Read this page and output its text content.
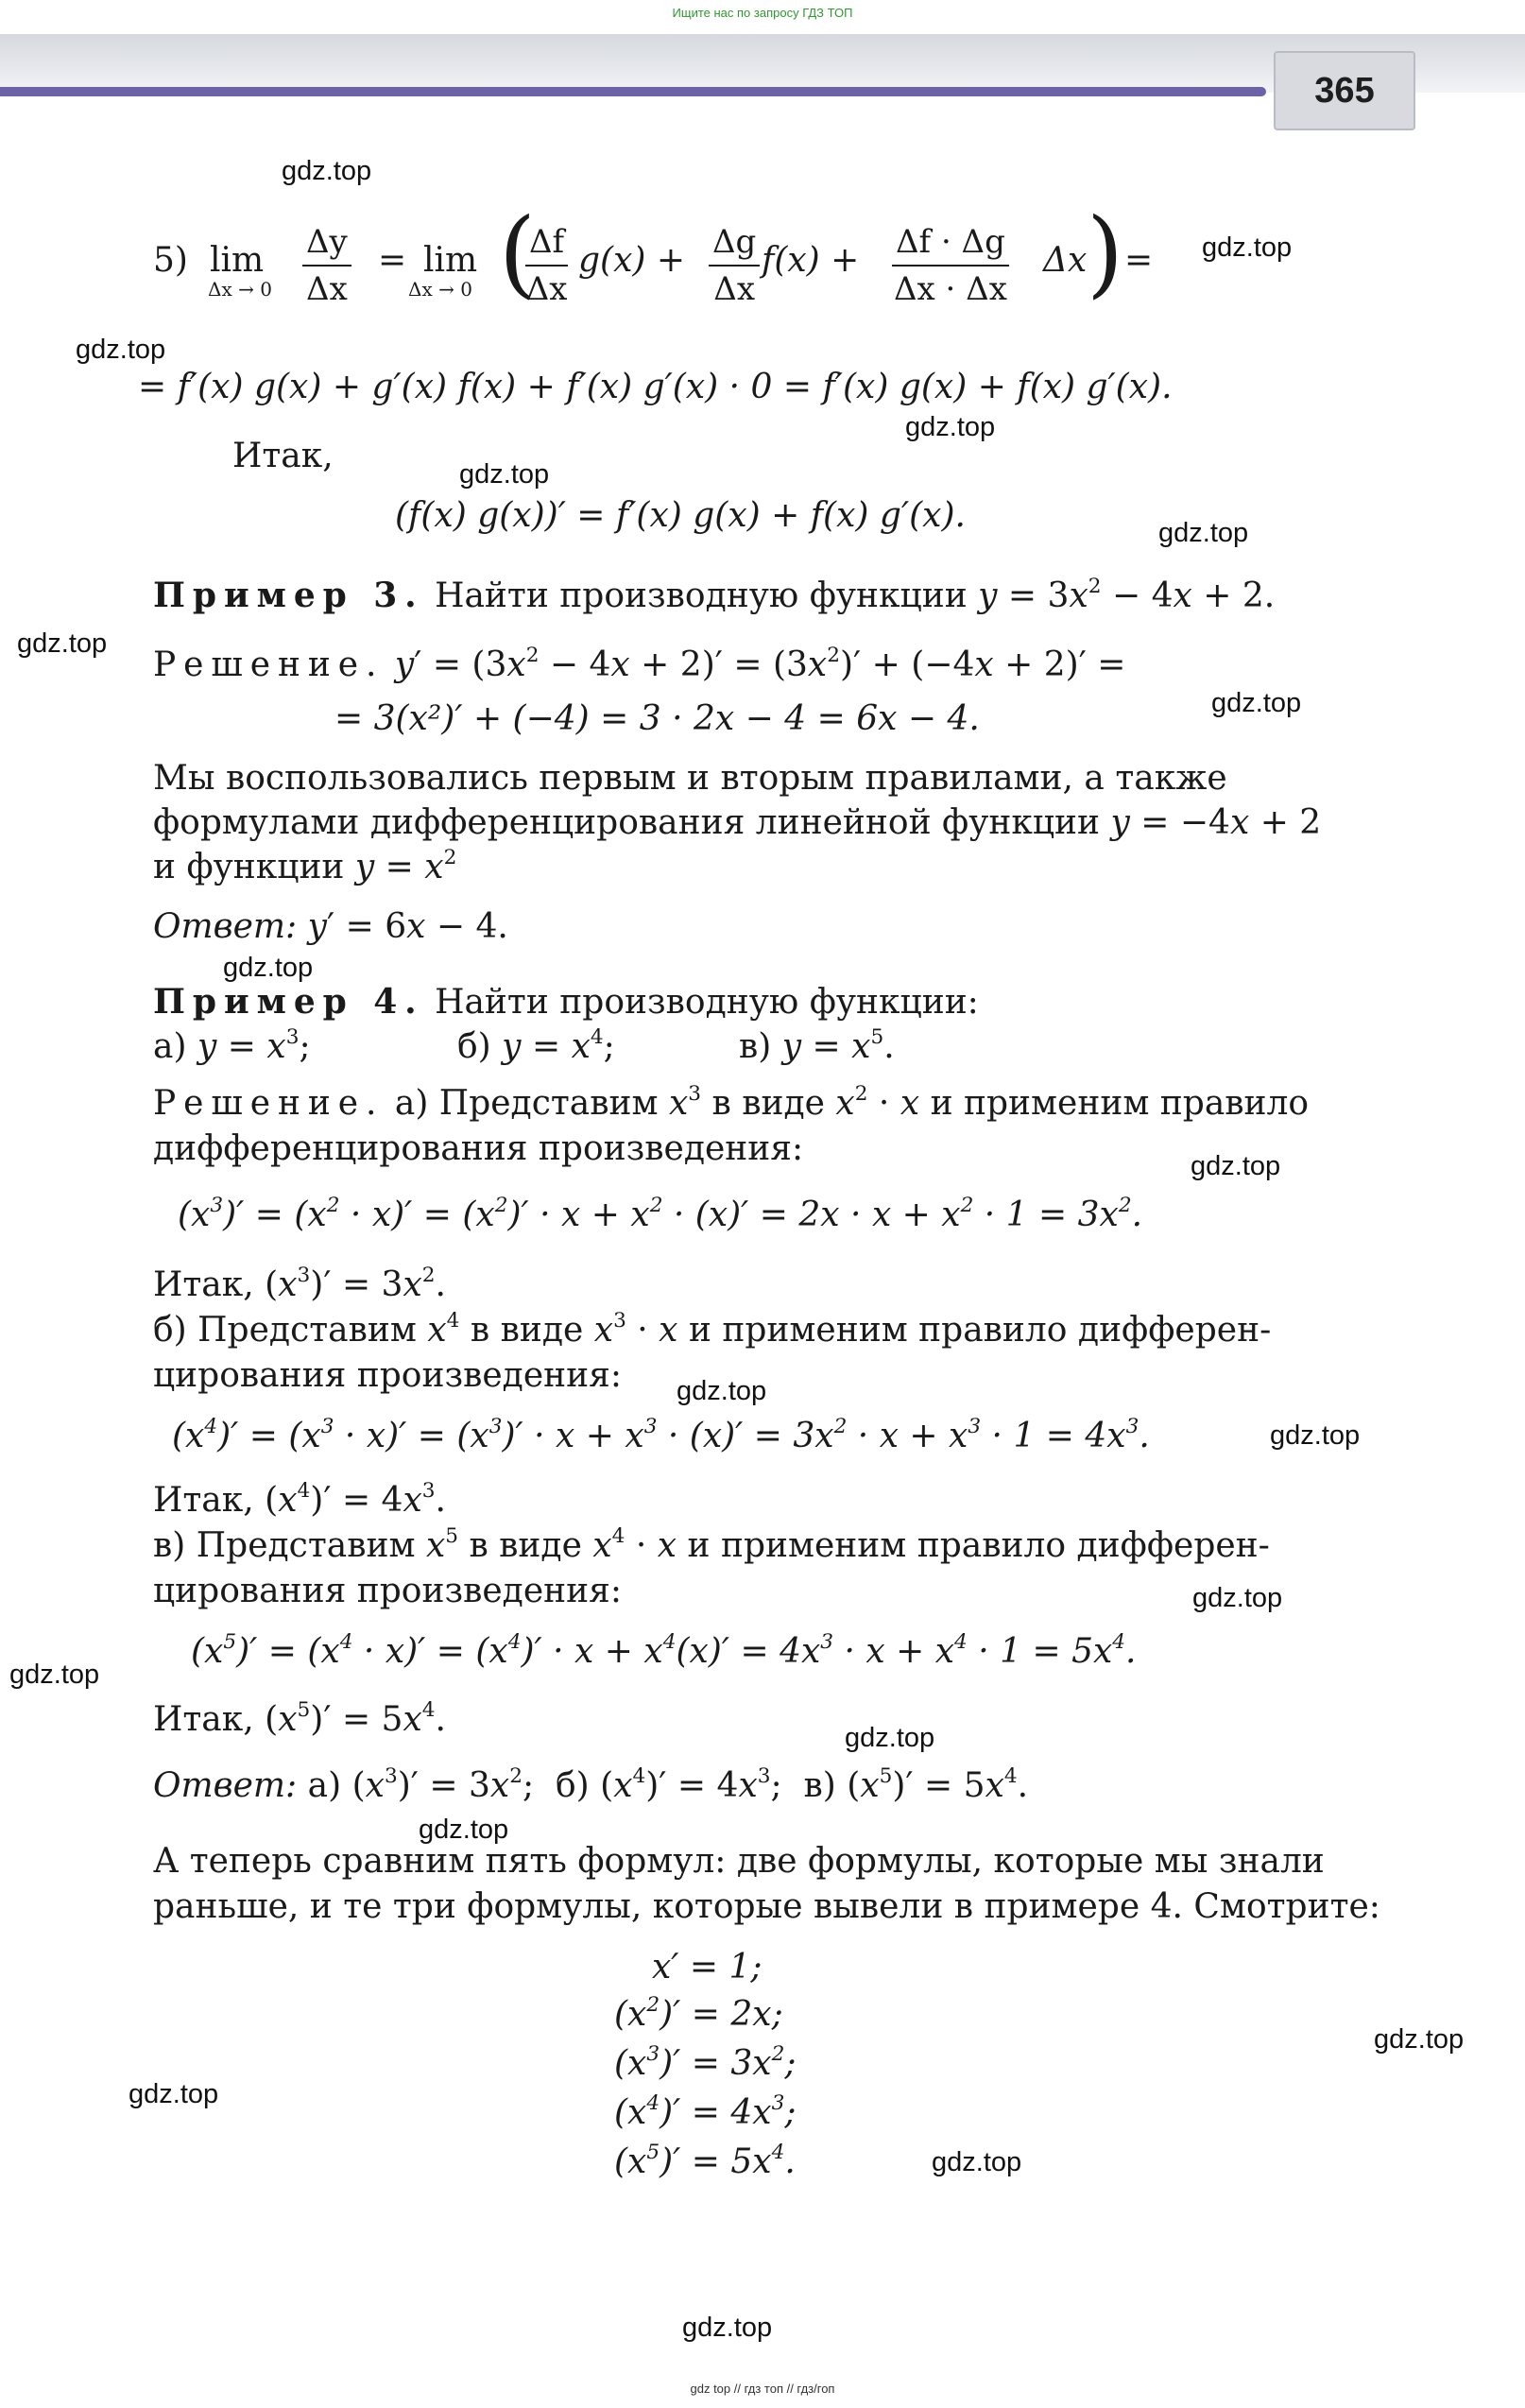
Ищите нас по запросу ГДЗ ТОП
365
gdz.top
gdz.top
gdz.top
gdz.top
gdz.top
gdz.top
gdz.top
gdz.top
gdz.top
gdz.top
gdz.top
gdz.top
gdz.top
gdz.top
gdz.top
gdz.top
gdz.top
gdz.top
gdz.top
gdz.top
5) lim
$\Delta x \to 0 \frac{\Delta y}{\Delta x} = \lim$
Δx → 0 (
$\frac{\Delta f}{\Delta x} g(x) + \frac{\Delta g}{\Delta x} f(x) + \frac{\Delta f \cdot \Delta g}{\Delta x \cdot \Delta x}$ Δx ) =
= f′(x) g(x) + g′(x) f(x) + f′(x) g′(x) · 0 = f′(x) g(x) + f(x) g′(x).
Итак,
(f(x) g(x))′ = f′(x) g(x) + f(x) g′(x).
Пример 3. Найти производную функции $y = 3x^2 - 4x + 2$.
Решение. $y' = (3x^2 - 4x + 2)' = (3x^2)' + (-4x + 2)'$ =
= 3(x²)′ + (−4) = 3 · 2x − 4 = 6x − 4.
Мы воспользовались первым и вторым правилами, а также
формулами дифференцирования линейной функции y = −4x + 2
и функции $y = x^2$
Ответ: y′ = 6x − 4.
Пример 4. Найти производную функции:
а) $y = x^3$;	б) $y = x^4$;	в) $y = x^5$.
Решение. а) Представим $x^3$ в виде $x^2 \cdot x$ и применим правило
дифференцирования произведения:
$(x^3)' = (x^2 \cdot x)' = (x^2)' \cdot x + x^2 \cdot (x)' = 2x \cdot x + x^2 \cdot 1 = 3x^2$.
Итак, $(x^3)' = 3x^2$.
б) Представим $x^4$ в виде $x^3 \cdot x$ и применим правило дифферен-
цирования произведения:
$(x^4)' = (x^3 \cdot x)' = (x^3)' \cdot x + x^3 \cdot (x)' = 3x^2 \cdot x + x^3 \cdot 1 = 4x^3$.
Итак, $(x^4)' = 4x^3$.
в) Представим $x^5$ в виде $x^4 \cdot x$ и применим правило дифферен-
цирования произведения:
$(x^5)' = (x^4 \cdot x)' = (x^4)' \cdot x + x^4(x)' = 4x^3 \cdot x + x^4 \cdot 1 = 5x^4$.
Итак, $(x^5)' = 5x^4$.
Ответ: а) $(x^3)' = 3x^2$;  б) $(x^4)' = 4x^3$;  в) $(x^5)' = 5x^4$.
А теперь сравним пять формул: две формулы, которые мы знали
раньше, и те три формулы, которые вывели в примере 4. Смотрите:
x′ = 1;
$(x^2)' = 2x$;
$(x^3)' = 3x^2$;
$(x^4)' = 4x^3$;
$(x^5)' = 5x^4$.
gdz top // гдз топ // гдз/гоп
